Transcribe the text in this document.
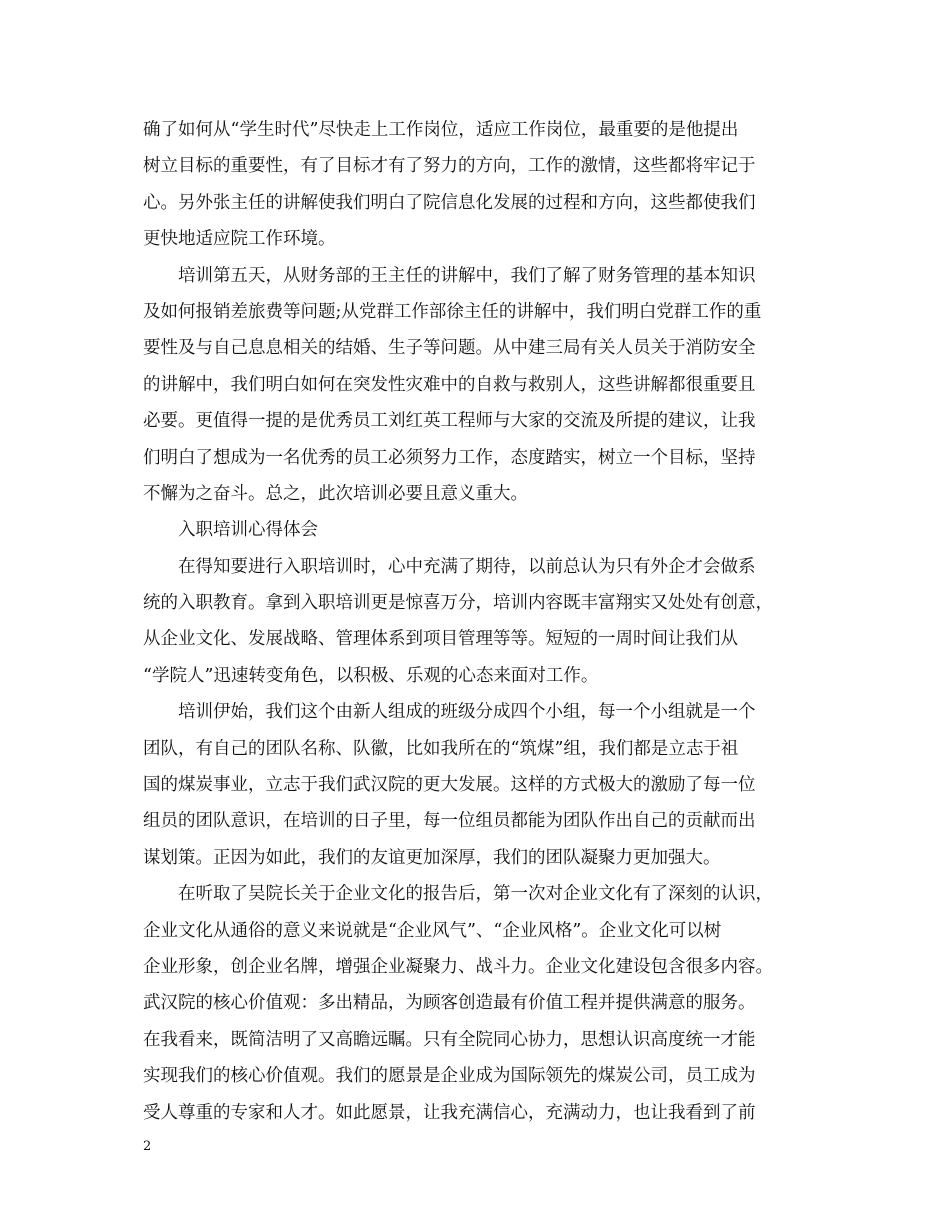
确了如何从“学生时代”尽快走上工作岗位，适应工作岗位，最重要的是他提出
树立目标的重要性，有了目标才有了努力的方向，工作的激情，这些都将牢记于
心。另外张主任的讲解使我们明白了院信息化发展的过程和方向，这些都使我们
更快地适应院工作环境。
培训第五天，从财务部的王主任的讲解中，我们了解了财务管理的基本知识
及如何报销差旅费等问题;从党群工作部徐主任的讲解中，我们明白党群工作的重
要性及与自己息息相关的结婚、生子等问题。从中建三局有关人员关于消防安全
的讲解中，我们明白如何在突发性灾难中的自救与救别人，这些讲解都很重要且
必要。更值得一提的是优秀员工刘红英工程师与大家的交流及所提的建议，让我
们明白了想成为一名优秀的员工必须努力工作，态度踏实，树立一个目标，坚持
不懈为之奋斗。总之，此次培训必要且意义重大。
入职培训心得体会
在得知要进行入职培训时，心中充满了期待，以前总认为只有外企才会做系
统的入职教育。拿到入职培训更是惊喜万分，培训内容既丰富翔实又处处有创意，
从企业文化、发展战略、管理体系到项目管理等等。短短的一周时间让我们从
“学院人”迅速转变角色，以积极、乐观的心态来面对工作。
培训伊始，我们这个由新人组成的班级分成四个小组，每一个小组就是一个
团队，有自己的团队名称、队徽，比如我所在的“筑煤”组，我们都是立志于祖
国的煤炭事业，立志于我们武汉院的更大发展。这样的方式极大的激励了每一位
组员的团队意识，在培训的日子里，每一位组员都能为团队作出自己的贡献而出
谋划策。正因为如此，我们的友谊更加深厚，我们的团队凝聚力更加强大。
在听取了吴院长关于企业文化的报告后，第一次对企业文化有了深刻的认识，
企业文化从通俗的意义来说就是“企业风气”、“企业风格”。企业文化可以树
企业形象，创企业名牌，增强企业凝聚力、战斗力。企业文化建设包含很多内容。
武汉院的核心价值观：多出精品，为顾客创造最有价值工程并提供满意的服务。
在我看来，既简洁明了又高瞻远瞩。只有全院同心协力，思想认识高度统一才能
实现我们的核心价值观。我们的愿景是企业成为国际领先的煤炭公司，员工成为
受人尊重的专家和人才。如此愿景，让我充满信心，充满动力，也让我看到了前
2
